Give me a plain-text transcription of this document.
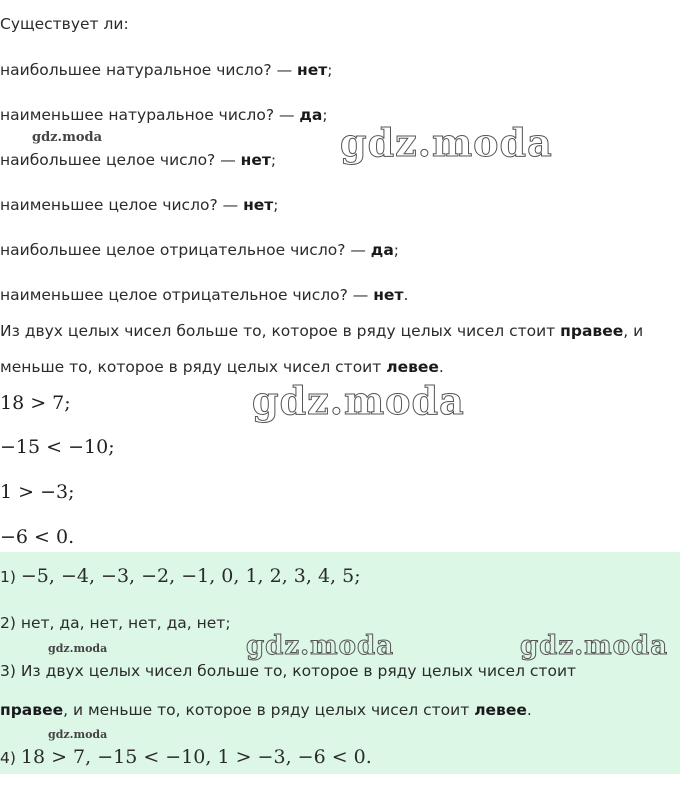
Существует ли:
наибольшее натуральное число? — нет;
наименьшее натуральное число? — да;
наибольшее целое число? — нет;
наименьшее целое число? — нет;
наибольшее целое отрицательное число? — да;
наименьшее целое отрицательное число? — нет.
Из двух целых чисел больше то, которое в ряду целых чисел стоит правее, и
меньше то, которое в ряду целых чисел стоит левее.
18 > 7;
−15 < −10;
1 > −3;
−6 < 0.
1) −5, −4, −3, −2, −1, 0, 1, 2, 3, 4, 5;
2) нет, да, нет, нет, да, нет;
3) Из двух целых чисел больше то, которое в ряду целых чисел стоит
правее, и меньше то, которое в ряду целых чисел стоит левее.
4) 18 > 7, −15 < −10, 1 > −3, −6 < 0.
gdz.moda	gdz.moda
gdz.moda
gdz.moda	gdz.moda	gdz.moda
gdz.moda
